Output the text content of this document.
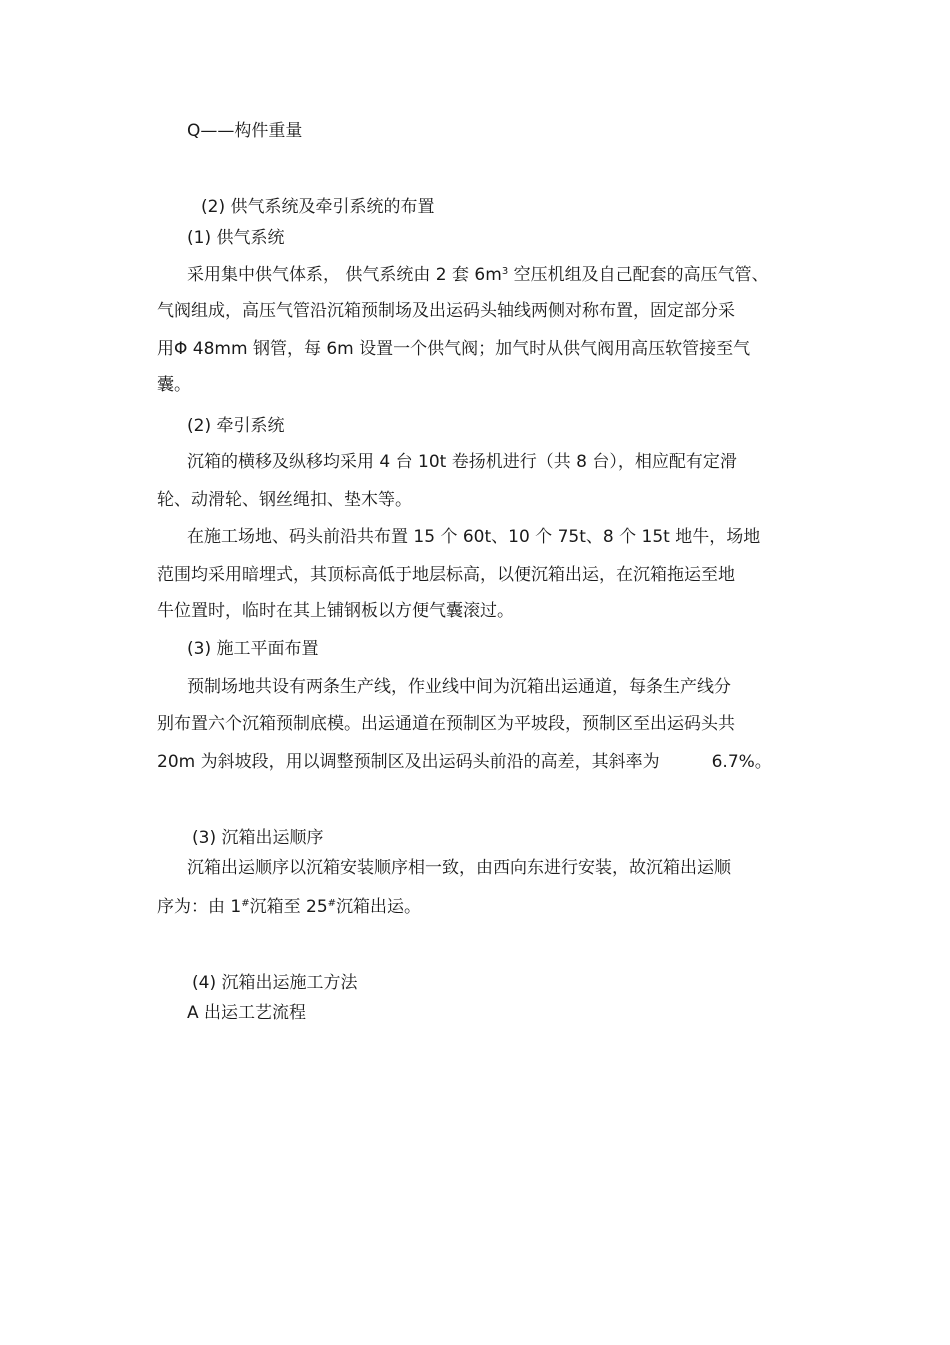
Q——构件重量
(2) 供气系统及牵引系统的布置
(1) 供气系统
采用集中供气体系， 供气系统由 2 套 $6m^3$ 空压机组及自己配套的高压气管、
气阀组成，高压气管沿沉箱预制场及出运码头轴线两侧对称布置，固定部分采
用Φ 48mm 钢管，每 6m 设置一个供气阀；加气时从供气阀用高压软管接至气
囊。
(2) 牵引系统
沉箱的横移及纵移均采用 4 台 10t 卷扬机进行（共 8 台），相应配有定滑
轮、动滑轮、钢丝绳扣、垫木等。
在施工场地、码头前沿共布置 15 个 60t、10 个 75t、8 个 15t 地牛，场地
范围均采用暗埋式，其顶标高低于地层标高，以便沉箱出运，在沉箱拖运至地
牛位置时，临时在其上铺钢板以方便气囊滚过。
(3) 施工平面布置
预制场地共设有两条生产线，作业线中间为沉箱出运通道，每条生产线分
别布置六个沉箱预制底模。出运通道在预制区为平坡段，预制区至出运码头共
20m 为斜坡段，用以调整预制区及出运码头前沿的高差，其斜率为	6.7%。
(3) 沉箱出运顺序
沉箱出运顺序以沉箱安装顺序相一致，由西向东进行安装，故沉箱出运顺
序为：由 1#沉箱至 25#沉箱出运。
(4) 沉箱出运施工方法
A 出运工艺流程
